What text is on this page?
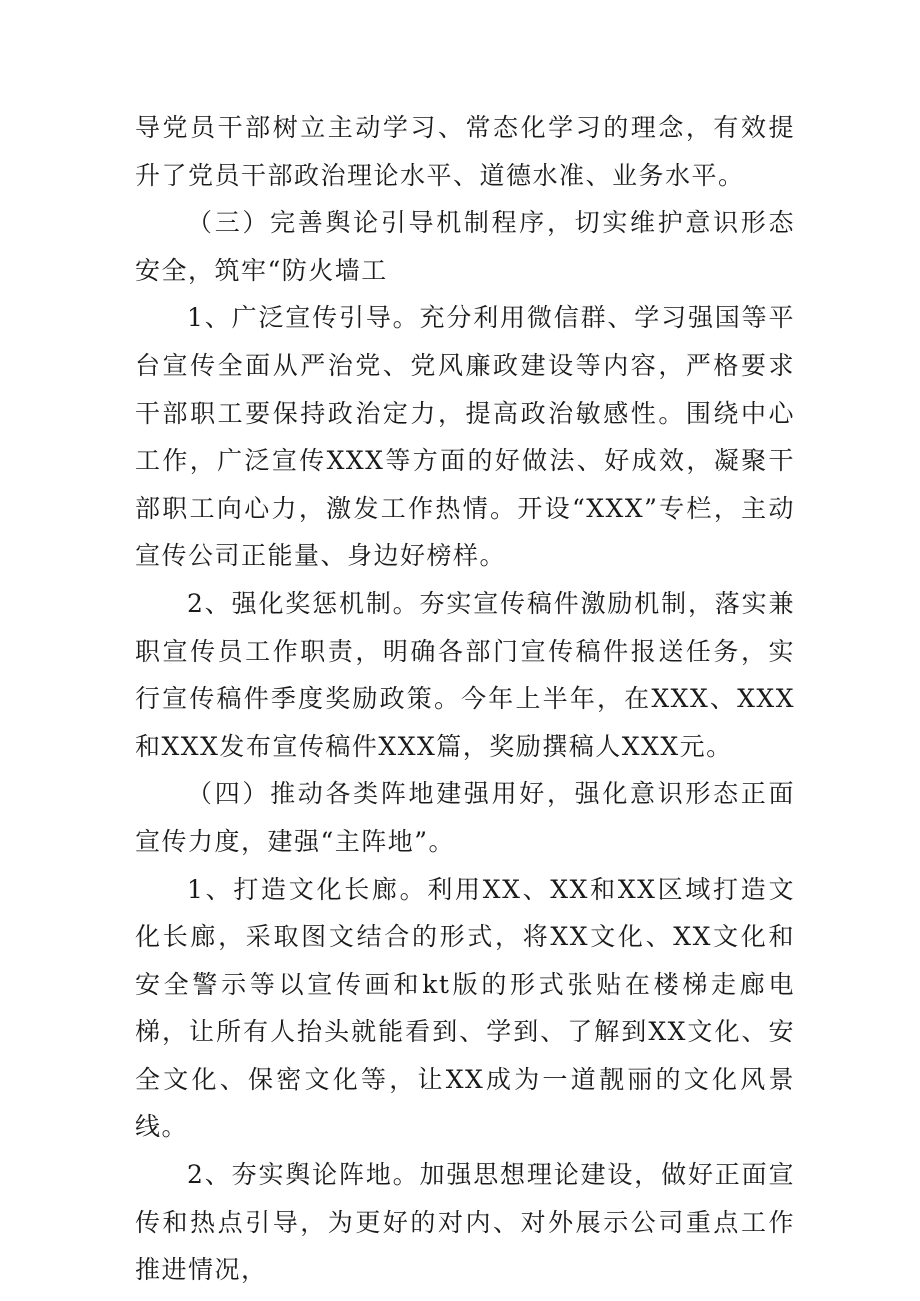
导党员干部树立主动学习、常态化学习的理念，有效提升了党员干部政治理论水平、道德水准、业务水平。

（三）完善舆论引导机制程序，切实维护意识形态安全，筑牢“防火墙工

1、广泛宣传引导。充分利用微信群、学习强国等平台宣传全面从严治党、党风廉政建设等内容，严格要求干部职工要保持政治定力，提高政治敏感性。围绕中心工作，广泛宣传XXX等方面的好做法、好成效，凝聚干部职工向心力，激发工作热情。开设“XXX”专栏，主动宣传公司正能量、身边好榜样。

2、强化奖惩机制。夯实宣传稿件激励机制，落实兼职宣传员工作职责，明确各部门宣传稿件报送任务，实行宣传稿件季度奖励政策。今年上半年，在XXX、XXX和XXX发布宣传稿件XXX篇，奖励撰稿人XXX元。

（四）推动各类阵地建强用好，强化意识形态正面宣传力度，建强“主阵地”。

1、打造文化长廊。利用XX、XX和XX区域打造文化长廊，采取图文结合的形式，将XX文化、XX文化和安全警示等以宣传画和kt版的形式张贴在楼梯走廊电梯，让所有人抬头就能看到、学到、了解到XX文化、安全文化、保密文化等，让XX成为一道靓丽的文化风景线。

2、夯实舆论阵地。加强思想理论建设，做好正面宣传和热点引导，为更好的对内、对外展示公司重点工作推进情况，
